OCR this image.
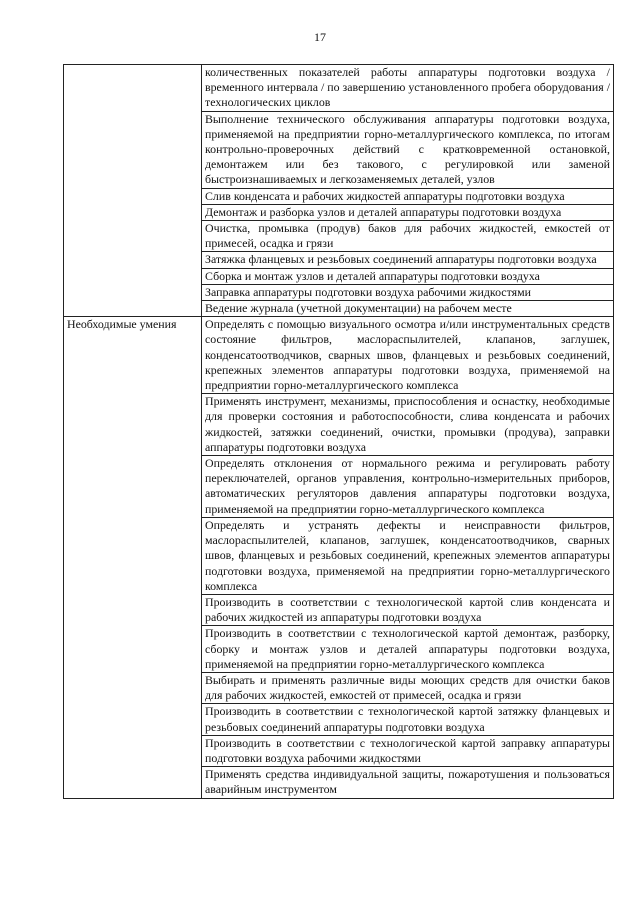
17
	количественных показателей работы аппаратуры подготовки воздуха / временного интервала / по завершению установленного пробега оборудования / технологических циклов
	Выполнение технического обслуживания аппаратуры подготовки воздуха, применяемой на предприятии горно-металлургического комплекса, по итогам контрольно-проверочных действий с кратковременной остановкой, демонтажем или без такового, с регулировкой или заменой быстроизнашиваемых и легкозаменяемых деталей, узлов
	Слив конденсата и рабочих жидкостей аппаратуры подготовки воздуха
	Демонтаж и разборка узлов и деталей аппаратуры подготовки воздуха
	Очистка, промывка (продув) баков для рабочих жидкостей, емкостей от примесей, осадка и грязи
	Затяжка фланцевых и резьбовых соединений аппаратуры подготовки воздуха
	Сборка и монтаж узлов и деталей аппаратуры подготовки воздуха
	Заправка аппаратуры подготовки воздуха рабочими жидкостями
	Ведение журнала (учетной документации) на рабочем месте
Необходимые умения	Определять с помощью визуального осмотра и/или инструментальных средств состояние фильтров, маслораспылителей, клапанов, заглушек, конденсатоотводчиков, сварных швов, фланцевых и резьбовых соединений, крепежных элементов аппаратуры подготовки воздуха, применяемой на предприятии горно-металлургического комплекса
	Применять инструмент, механизмы, приспособления и оснастку, необходимые для проверки состояния и работоспособности, слива конденсата и рабочих жидкостей, затяжки соединений, очистки, промывки (продува), заправки аппаратуры подготовки воздуха
	Определять отклонения от нормального режима и регулировать работу переключателей, органов управления, контрольно-измерительных приборов, автоматических регуляторов давления аппаратуры подготовки воздуха, применяемой на предприятии горно-металлургического комплекса
	Определять и устранять дефекты и неисправности фильтров, маслораспылителей, клапанов, заглушек, конденсатоотводчиков, сварных швов, фланцевых и резьбовых соединений, крепежных элементов аппаратуры подготовки воздуха, применяемой на предприятии горно-металлургического комплекса
	Производить в соответствии с технологической картой слив конденсата и рабочих жидкостей из аппаратуры подготовки воздуха
	Производить в соответствии с технологической картой демонтаж, разборку, сборку и монтаж узлов и деталей аппаратуры подготовки воздуха, применяемой на предприятии горно-металлургического комплекса
	Выбирать и применять различные виды моющих средств для очистки баков для рабочих жидкостей, емкостей от примесей, осадка и грязи
	Производить в соответствии с технологической картой затяжку фланцевых и резьбовых соединений аппаратуры подготовки воздуха
	Производить в соответствии с технологической картой заправку аппаратуры подготовки воздуха рабочими жидкостями
	Применять средства индивидуальной защиты, пожаротушения и пользоваться аварийным инструментом
